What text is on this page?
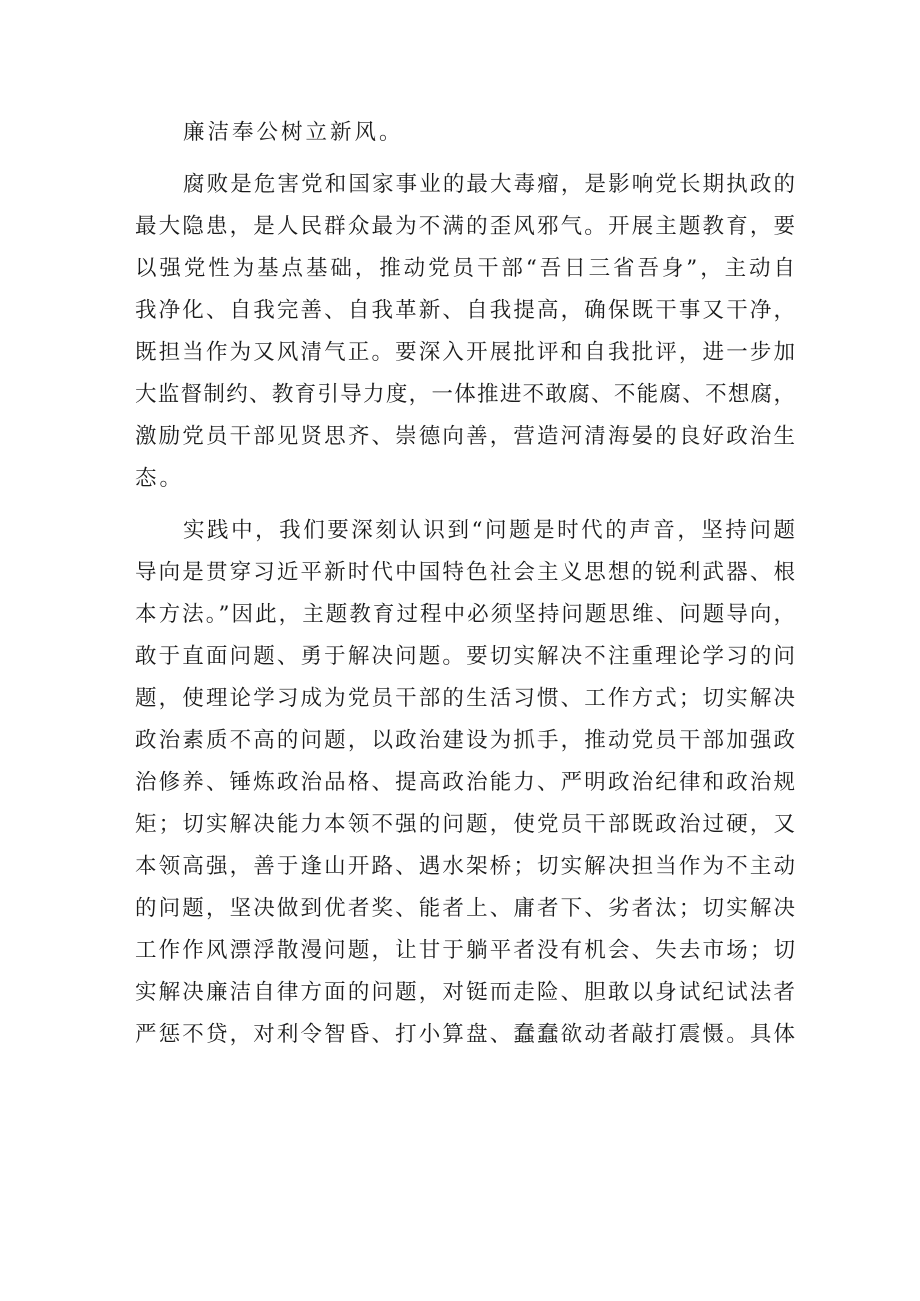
廉洁奉公树立新风。
腐败是危害党和国家事业的最大毒瘤，是影响党长期执政的
最大隐患，是人民群众最为不满的歪风邪气。开展主题教育，要
以强党性为基点基础，推动党员干部“吾日三省吾身”，主动自
我净化、自我完善、自我革新、自我提高，确保既干事又干净，
既担当作为又风清气正。要深入开展批评和自我批评，进一步加
大监督制约、教育引导力度，一体推进不敢腐、不能腐、不想腐，
激励党员干部见贤思齐、崇德向善，营造河清海晏的良好政治生
态。
实践中，我们要深刻认识到“问题是时代的声音，坚持问题
导向是贯穿习近平新时代中国特色社会主义思想的锐利武器、根
本方法。”因此，主题教育过程中必须坚持问题思维、问题导向，
敢于直面问题、勇于解决问题。要切实解决不注重理论学习的问
题，使理论学习成为党员干部的生活习惯、工作方式；切实解决
政治素质不高的问题，以政治建设为抓手，推动党员干部加强政
治修养、锤炼政治品格、提高政治能力、严明政治纪律和政治规
矩；切实解决能力本领不强的问题，使党员干部既政治过硬，又
本领高强，善于逢山开路、遇水架桥；切实解决担当作为不主动
的问题，坚决做到优者奖、能者上、庸者下、劣者汰；切实解决
工作作风漂浮散漫问题，让甘于躺平者没有机会、失去市场；切
实解决廉洁自律方面的问题，对铤而走险、胆敢以身试纪试法者
严惩不贷，对利令智昏、打小算盘、蠢蠢欲动者敲打震慑。具体
